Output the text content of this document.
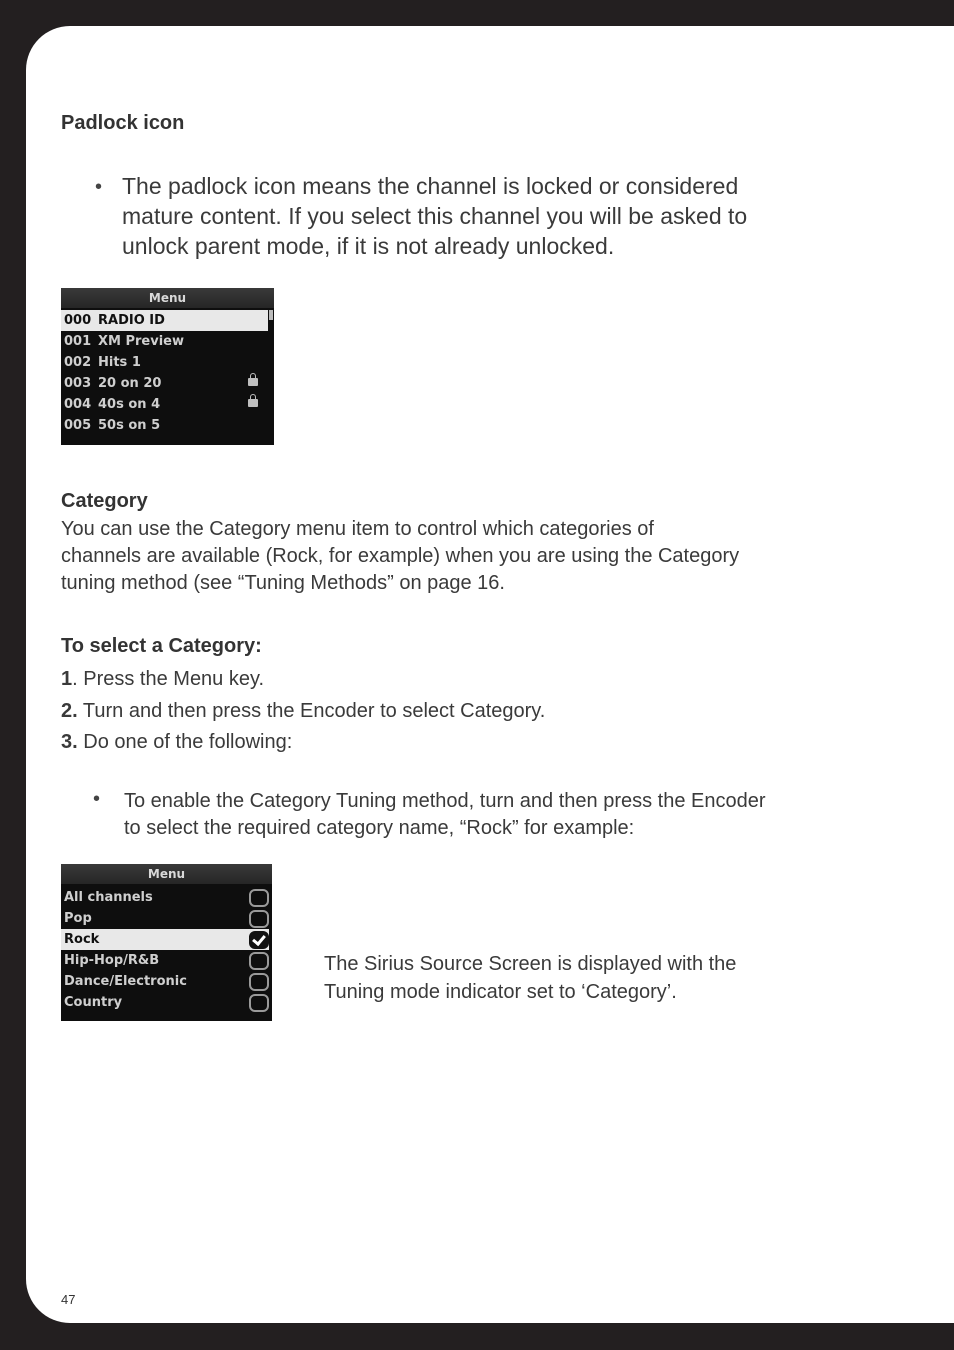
Padlock icon
• The padlock icon means the channel is locked or considered
mature content. If you select this channel you will be asked to
unlock parent mode, if it is not already unlocked.
Menu
000 RADIO ID
001 XM Preview
002 Hits 1
003 20 on 20
004 40s on 4
005 50s on 5
Category
You can use the Category menu item to control which categories of
channels are available (Rock, for example) when you are using the Category
tuning method (see “Tuning Methods” on page 16.
To select a Category:
1. Press the Menu key.
2. Turn and then press the Encoder to select Category.
3. Do one of the following:
• To enable the Category Tuning method, turn and then press the Encoder
to select the required category name, “Rock” for example:
Menu
All channels
Pop
Rock
Hip-Hop/R&B
Dance/Electronic
Country
The Sirius Source Screen is displayed with the
Tuning mode indicator set to ‘Category’.
47
